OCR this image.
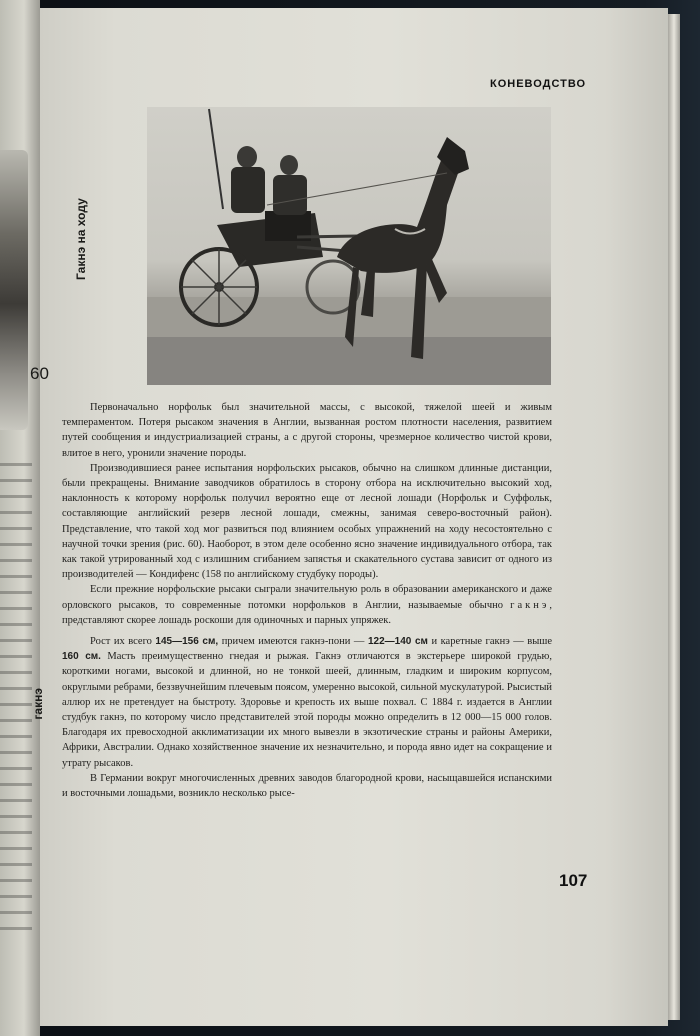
60
Гакнэ на ходу
гакнэ
КОНЕВОДСТВО

Первоначально норфольк был значительной массы, с высокой, тяжелой шеей и живым темпераментом. Потеря рысаком значения в Англии, вызванная ростом плотности населения, развитием путей сообщения и индустриализацией страны, а с другой стороны, чрезмерное количество чистой крови, влитое в него, уронили значение породы.

Производившиеся ранее испытания норфольских рысаков, обычно на слишком длинные дистанции, были прекращены. Внимание заводчиков обратилось в сторону отбора на исключительно высокий ход, наклонность к которому норфольк получил вероятно еще от лесной лошади (Норфольк и Суффольк, составляющие английский резерв лесной лошади, смежны, занимая северо-восточный район). Представление, что такой ход мог развиться под влиянием особых упражнений на ходу несостоятельно с научной точки зрения (рис. 60). Наоборот, в этом деле особенно ясно значение индивидуального отбора, так как такой утрированный ход с излишним сгибанием запястья и скакательного сустава зависит от одного из производителей — Кондифенс (158 по английскому студбуку породы).

Если прежние норфольские рысаки сыграли значительную роль в образовании американского и даже орловского рысаков, то современные потомки норфольков в Англии, называемые обычно гакнэ, представляют скорее лошадь роскоши для одиночных и парных упряжек.

Рост их всего 145—156 см, причем имеются гакнэ-пони — 122—140 см и каретные гакнэ — выше 160 см. Масть преимущественно гнедая и рыжая. Гакнэ отличаются в экстерьере широкой грудью, короткими ногами, высокой и длинной, но не тонкой шеей, длинным, гладким и широким корпусом, округлыми ребрами, беззвучнейшим плечевым поясом, умеренно высокой, сильной мускулатурой. Рысистый аллюр их не претендует на быстроту. Здоровье и крепость их выше похвал. С 1884 г. издается в Англии студбук гакнэ, по которому число представителей этой породы можно определить в 12 000—15 000 голов. Благодаря их превосходной акклиматизации их много вывезли в экзотические страны и районы Америки, Африки, Австралии. Однако хозяйственное значение их незначительно, и порода явно идет на сокращение и утрату рысаков.

В Германии вокруг многочисленных древних заводов благородной крови, насыщавшейся испанскими и восточными лошадьми, возникло несколько рысе-

107
